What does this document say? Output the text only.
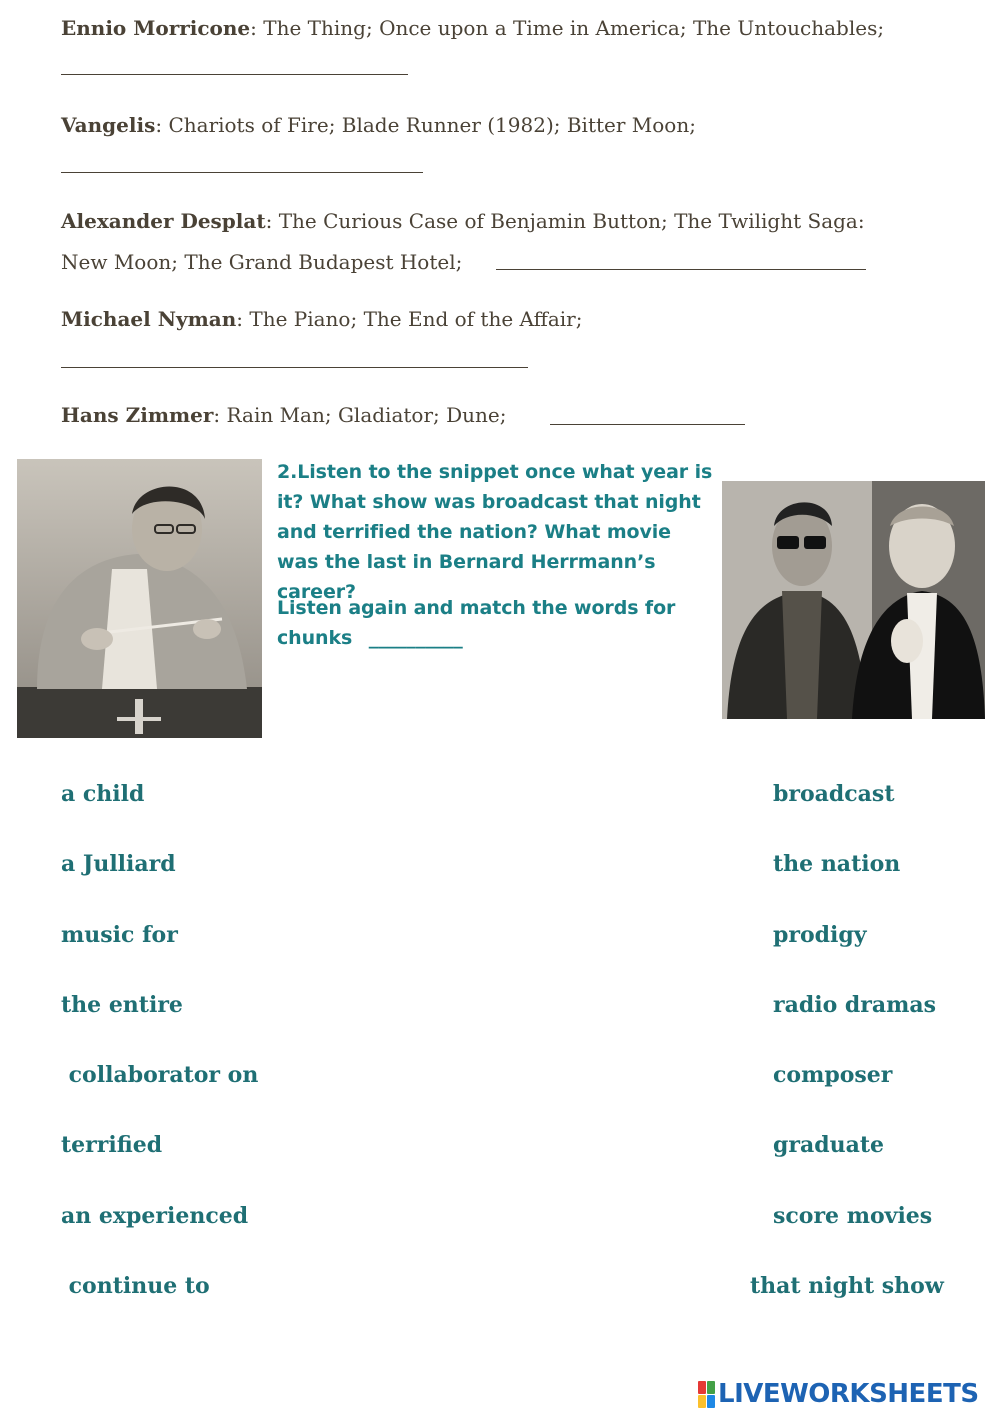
Ennio Morricone: The Thing; Once upon a Time in America; The Untouchables;
Vangelis: Chariots of Fire; Blade Runner (1982); Bitter Moon;
Alexander Desplat: The Curious Case of Benjamin Button; The Twilight Saga:
New Moon; The Grand Budapest Hotel;
Michael Nyman: The Piano; The End of the Affair;
Hans Zimmer: Rain Man; Gladiator; Dune;
2.Listen to the snippet once what year is it? What show was broadcast that night and terrified the nation? What movie was the last in Bernard Herrmann’s career?
Listen again and match the words for chunks __________
a child
a Julliard
music for
the entire
collaborator on
terrified
an experienced
continue to
broadcast
the nation
prodigy
radio dramas
composer
graduate
score movies
that night show
LIVEWORKSHEETS
